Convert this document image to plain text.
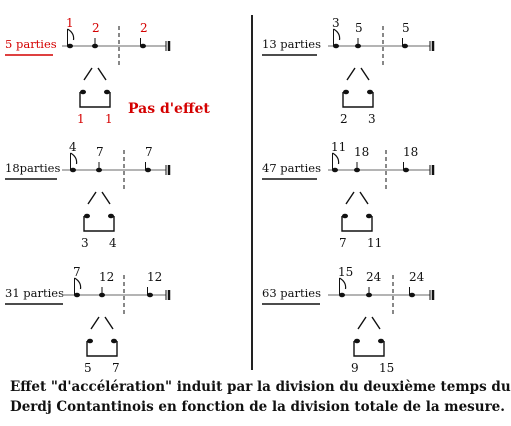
5 parties
1 2	2
1 1
Pas d'effet
13 parties
3 5	5
2 3
18parties
4 7	7
3 4
47 parties
11 18	18
7 11
31 parties
7 12	12
5 7
63 parties
15 24 24
9 15
Effet "d'accélération" induit par la division du deuxième temps du
Derdj Contantinois en fonction de la division totale de la mesure.
